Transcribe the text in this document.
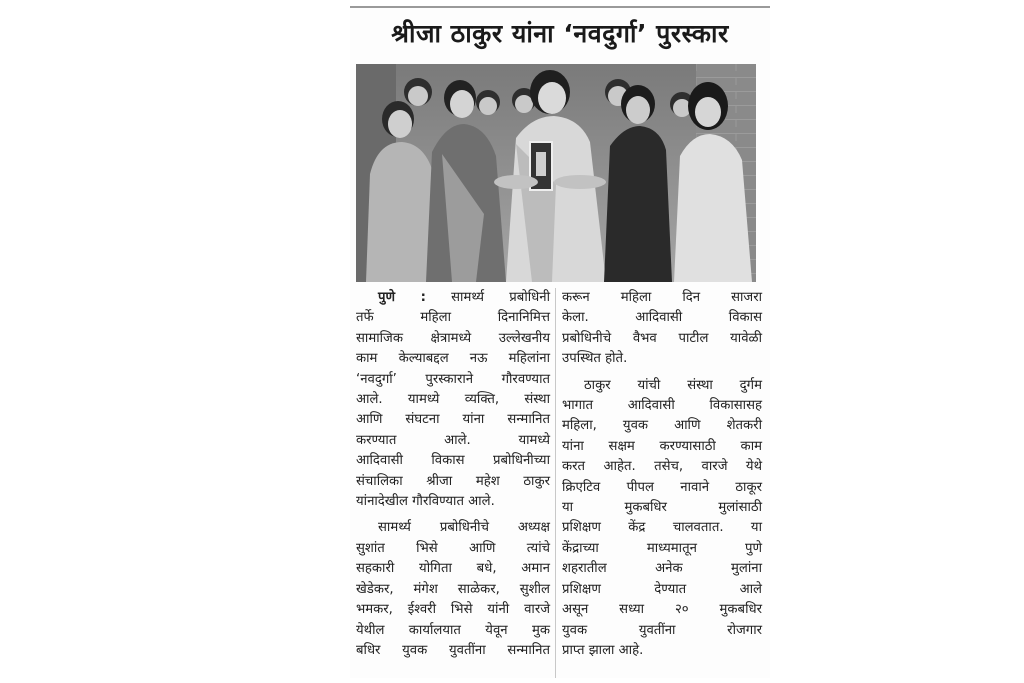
श्रीजा ठाकुर यांना ‘नवदुर्गा’ पुरस्कार
पुणे : सामर्थ्य प्रबोधिनी
तर्फे महिला दिनानिमित्त
सामाजिक क्षेत्रामध्ये उल्लेखनीय
काम केल्याबद्दल नऊ महिलांना
‘नवदुर्गा’ पुरस्काराने गौरवण्यात
आले. यामध्ये व्यक्ति, संस्था
आणि संघटना यांना सन्मानित
करण्यात आले. यामध्ये
आदिवासी विकास प्रबोधिनीच्या
संचालिका श्रीजा महेश ठाकुर
यांनादेखील गौरविण्यात आले.
सामर्थ्य प्रबोधिनीचे अध्यक्ष
सुशांत भिसे आणि त्यांचे
सहकारी योगिता बधे, अमान
खेडेकर, मंगेश साळेकर, सुशील
भमकर, ईश्वरी भिसे यांनी वारजे
येथील कार्यालयात येवून मुक
बधिर युवक युवतींना सन्मानित
करून महिला दिन साजरा
केला. आदिवासी विकास
प्रबोधिनीचे वैभव पाटील यावेळी
उपस्थित होते.
ठाकुर यांची संस्था दुर्गम
भागात आदिवासी विकासासह
महिला, युवक आणि शेतकरी
यांना सक्षम करण्यासाठी काम
करत आहेत. तसेच, वारजे येथे
क्रिएटिव पीपल नावाने ठाकूर
या मुकबधिर मुलांसाठी
प्रशिक्षण केंद्र चालवतात. या
केंद्राच्या माध्यमातून पुणे
शहरातील अनेक मुलांना
प्रशिक्षण देण्यात आले
असून सध्या २० मुकबधिर
युवक युवतींना रोजगार
प्राप्त झाला आहे.
